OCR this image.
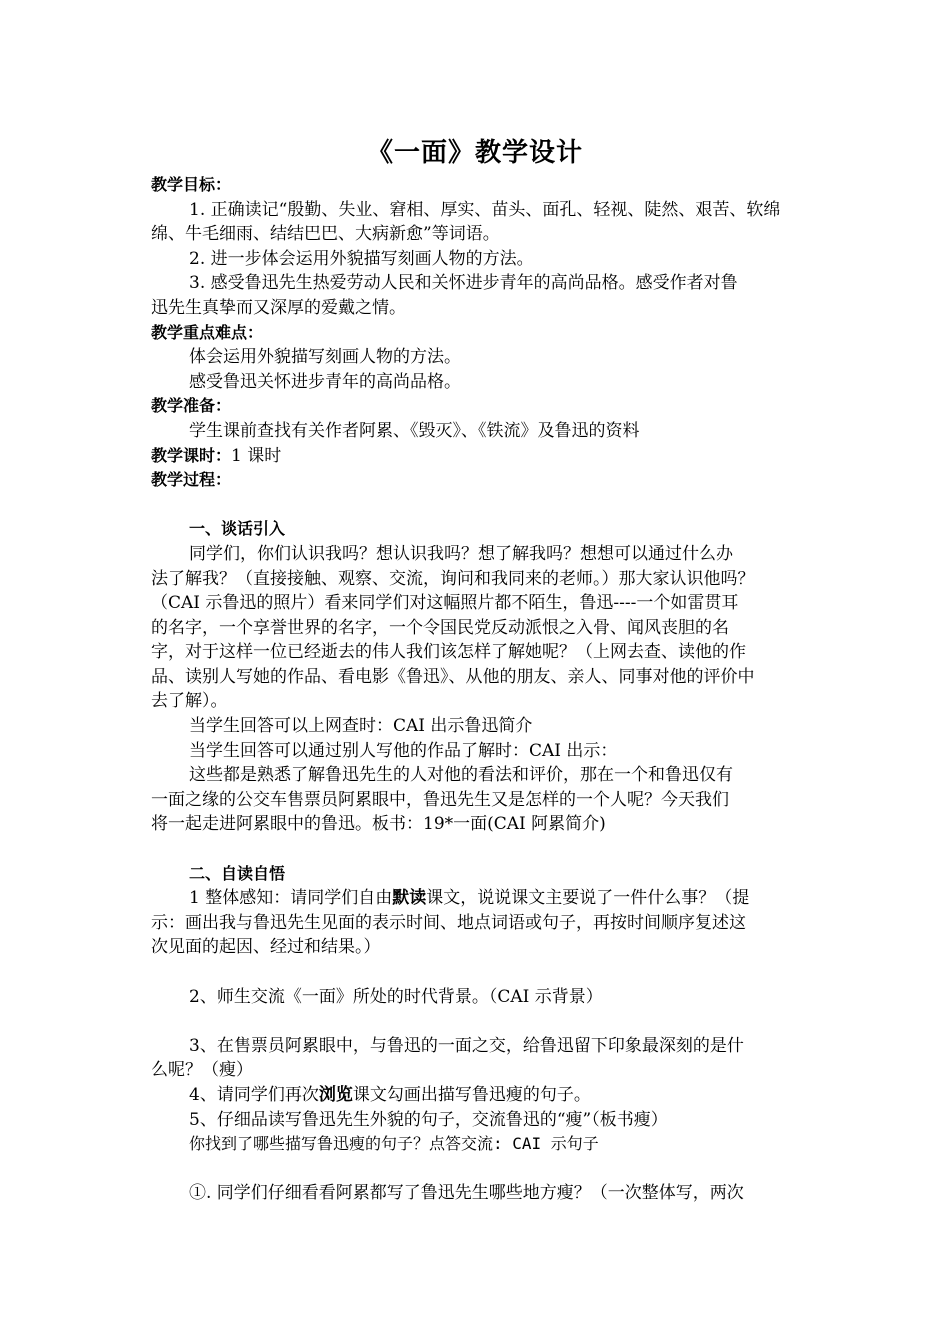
《一面》教学设计

教学目标：

1. 正确读记“殷勤、失业、窘相、厚实、苗头、面孔、轻视、陡然、艰苦、软绵

绵、牛毛细雨、结结巴巴、大病新愈”等词语。

2. 进一步体会运用外貌描写刻画人物的方法。

3. 感受鲁迅先生热爱劳动人民和关怀进步青年的高尚品格。感受作者对鲁

迅先生真挚而又深厚的爱戴之情。

教学重点难点：

体会运用外貌描写刻画人物的方法。

感受鲁迅关怀进步青年的高尚品格。

教学准备：

学生课前查找有关作者阿累、《毁灭》、《铁流》及鲁迅的资料

教学课时：1 课时

教学过程：

一、谈话引入

同学们，你们认识我吗？想认识我吗？想了解我吗？想想可以通过什么办

法了解我？（直接接触、观察、交流，询问和我同来的老师。）那大家认识他吗？

（CAI 示鲁迅的照片）看来同学们对这幅照片都不陌生，鲁迅----一个如雷贯耳

的名字，一个享誉世界的名字，一个令国民党反动派恨之入骨、闻风丧胆的名

字，对于这样一位已经逝去的伟人我们该怎样了解她呢？（上网去查、读他的作

品、读别人写她的作品、看电影《鲁迅》、从他的朋友、亲人、同事对他的评价中

去了解）。

当学生回答可以上网查时：CAI 出示鲁迅简介

当学生回答可以通过别人写他的作品了解时：CAI 出示：

这些都是熟悉了解鲁迅先生的人对他的看法和评价，那在一个和鲁迅仅有

一面之缘的公交车售票员阿累眼中，鲁迅先生又是怎样的一个人呢？今天我们

将一起走进阿累眼中的鲁迅。板书：19*一面(CAI 阿累简介)

二、自读自悟

1 整体感知：请同学们自由默读课文，说说课文主要说了一件什么事？（提

示：画出我与鲁迅先生见面的表示时间、地点词语或句子，再按时间顺序复述这

次见面的起因、经过和结果。）

2、师生交流《一面》所处的时代背景。（CAI 示背景）

3、在售票员阿累眼中，与鲁迅的一面之交，给鲁迅留下印象最深刻的是什

么呢？（瘦）

4、请同学们再次浏览课文勾画出描写鲁迅瘦的句子。

5、仔细品读写鲁迅先生外貌的句子，交流鲁迅的“瘦”（板书瘦）

你找到了哪些描写鲁迅瘦的句子？点答交流: CAI 示句子

①. 同学们仔细看看阿累都写了鲁迅先生哪些地方瘦？（一次整体写，两次
